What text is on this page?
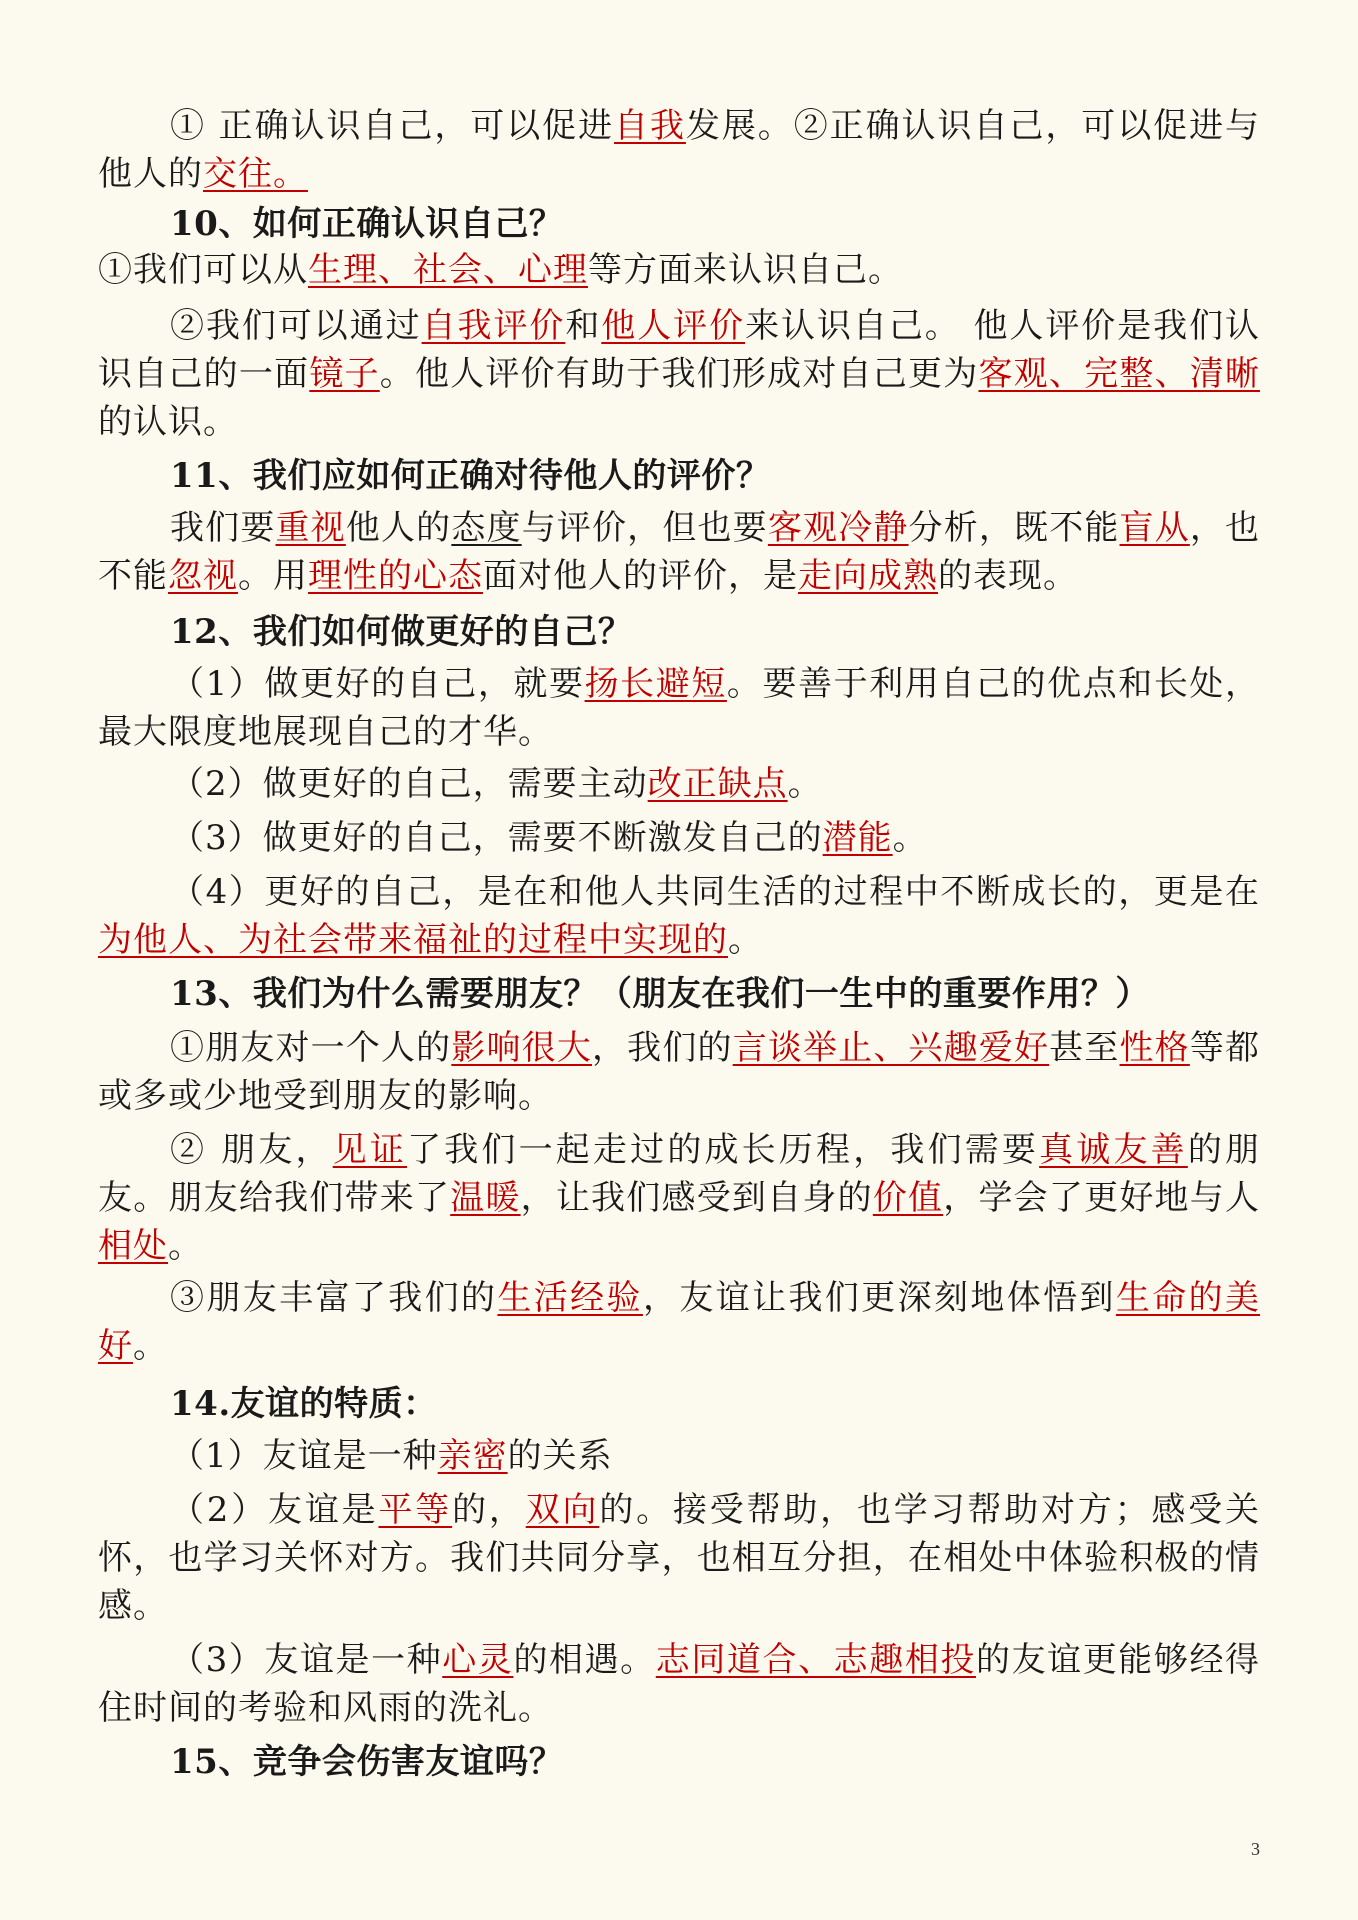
① 正确认识自己，可以促进自我发展。②正确认识自己，可以促进与他人的交往。
10、如何正确认识自己？
①我们可以从生理、社会、心理等方面来认识自己。
②我们可以通过自我评价和他人评价来认识自己。 他人评价是我们认识自己的一面镜子。他人评价有助于我们形成对自己更为客观、完整、清晰的认识。
11、我们应如何正确对待他人的评价？
我们要重视他人的态度与评价，但也要客观冷静分析，既不能盲从，也不能忽视。用理性的心态面对他人的评价，是走向成熟的表现。
12、我们如何做更好的自己？
（1）做更好的自己，就要扬长避短。要善于利用自己的优点和长处，最大限度地展现自己的才华。
（2）做更好的自己，需要主动改正缺点。
（3）做更好的自己，需要不断激发自己的潜能。
（4）更好的自己，是在和他人共同生活的过程中不断成长的，更是在为他人、为社会带来福祉的过程中实现的。
13、我们为什么需要朋友？（朋友在我们一生中的重要作用？）
①朋友对一个人的影响很大，我们的言谈举止、兴趣爱好甚至性格等都或多或少地受到朋友的影响。
② 朋友，见证了我们一起走过的成长历程，我们需要真诚友善的朋友。朋友给我们带来了温暖，让我们感受到自身的价值，学会了更好地与人相处。
③朋友丰富了我们的生活经验，友谊让我们更深刻地体悟到生命的美好。
14.友谊的特质：
（1）友谊是一种亲密的关系
（2）友谊是平等的，双向的。接受帮助，也学习帮助对方；感受关怀，也学习关怀对方。我们共同分享，也相互分担，在相处中体验积极的情感。
（3）友谊是一种心灵的相遇。志同道合、志趣相投的友谊更能够经得住时间的考验和风雨的洗礼。
15、竞争会伤害友谊吗？
3
